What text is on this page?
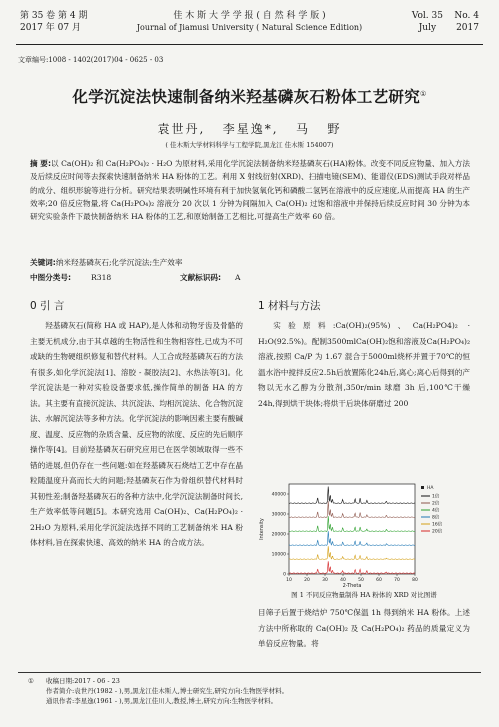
第 35 卷 第 4 期
2017 年 07 月
佳 木 斯 大 学 学 报 ( 自 然 科 学 版 )
Journal of Jiamusi University ( Natural Science Edition)
Vol. 35    No. 4
July       2017
文章编号:1008 - 1402(2017)04 - 0625 - 03
化学沉淀法快速制备纳米羟基磷灰石粉体工艺研究①
袁世丹,   李星逸*,   马   野
( 佳木斯大学材料科学与工程学院,黑龙江 佳木斯 154007)
摘 要:以 Ca(OH)₂ 和 Ca(H₂PO₄)₂ · H₂O 为原材料,采用化学沉淀法制备纳米羟基磷灰石(HA)粉体。改变不同反应物量、加入方法及后续反应时间等去探索快速制备纳米 HA 粉体的工艺。利用 X 射线衍射(XRD)、扫描电镜(SEM)、能谱仪(EDS)测试手段对样品的成分、组织形貌等进行分析。研究结果表明碱性环境有利于加快氢氧化钙和磷酸二氢钙在溶液中的反应速度,从而提高 HA 的生产效率;20 倍反应物量,将 Ca(H₂PO₄)₂ 溶液分 20 次以 1 分钟为间隔加入 Ca(OH)₂ 过饱和溶液中并保持后续反应时间 30 分钟为本研究实验条件下最快制备纳米 HA 粉体的工艺,和原始制备工艺相比,可提高生产效率 60 倍。
关键词:纳米羟基磷灰石;化学沉淀法;生产效率
中图分类号:	R318	文献标识码: A
0 引 言	1 材料与方法

羟基磷灰石(简称 HA 或 HAP),是人体和动物牙齿及骨骼的主要无机成分,由于其卓越的生物活性和生物相容性,已成为不可或缺的生物硬组织修复和替代材料。人工合成羟基磷灰石的方法有很多,如化学沉淀法[1]、溶胶 - 凝胶法[2]、水热法等[3]。化学沉淀法是一种对实验设备要求低,操作简单的制备 HA 的方法。其主要有直接沉淀法、共沉淀法、均相沉淀法、化合物沉淀法、水解沉淀法等多种方法。化学沉淀法的影响因素主要有酸碱度、温度、反应物的杂质含量、反应物的浓度、反应的先后顺序操作等[4]。目前羟基磷灰石研究应用已在医学领域取得一些不错的进展,但仍存在一些问题:如在羟基磷灰石烧结工艺中存在晶粒随温度升高而长大的问题;羟基磷灰石作为骨组织替代材料时其韧性差;制备羟基磷灰石的各种方法中,化学沉淀法制备时间长,生产效率低等问题[5]。本研究选用 Ca(OH)₂、Ca(H₂PO₄)₂ · 2H₂O 为原料,采用化学沉淀法选择不同的工艺制备纳米 HA 粉体材料,旨在探索快速、高效的纳米 HA 的合成方法。

实验原料:Ca(OH)₂(95%)、Ca(H₂PO4)₂ · H₂O(92.5%)。配制3500mlCa(OH)₂饱和溶液及Ca(H₂PO₄)₂ 溶液,按照 Ca/P 为 1.67 混合于5000ml烧杯并置于70℃的恒温水浴中搅拌反应2.5h后放置陈化24h后,离心;离心后得到的产物以无水乙醇为分散剂,350r/min 球磨 3h 后,100℃干燥 24h,得到烘干块体;将烘干后块体研磨过 200

10	20	30	40	50	60	70	80
0
10000
20000
30000
40000
2-Theta
Intensity
HA
1倍
2倍
4倍
8倍
16倍
20倍
图 1 不同反应物量制得 HA 粉体的 XRD 对比图谱

目筛子后置于烧结炉 750℃保温 1h 得到纳米 HA 粉体。上述方法中所称取的 Ca(OH)₂ 及 Ca(H₂PO₄)₂ 药品的质量定义为单倍反应物量。将

① 收稿日期:2017 - 06 - 23
作者简介:袁世丹(1982 - ),男,黑龙江佳木斯人,博士研究生,研究方向:生物医学材料。
通讯作者:李星逸(1961 - ),男,黑龙江佳川人,教授,博士,研究方向:生物医学材料。
